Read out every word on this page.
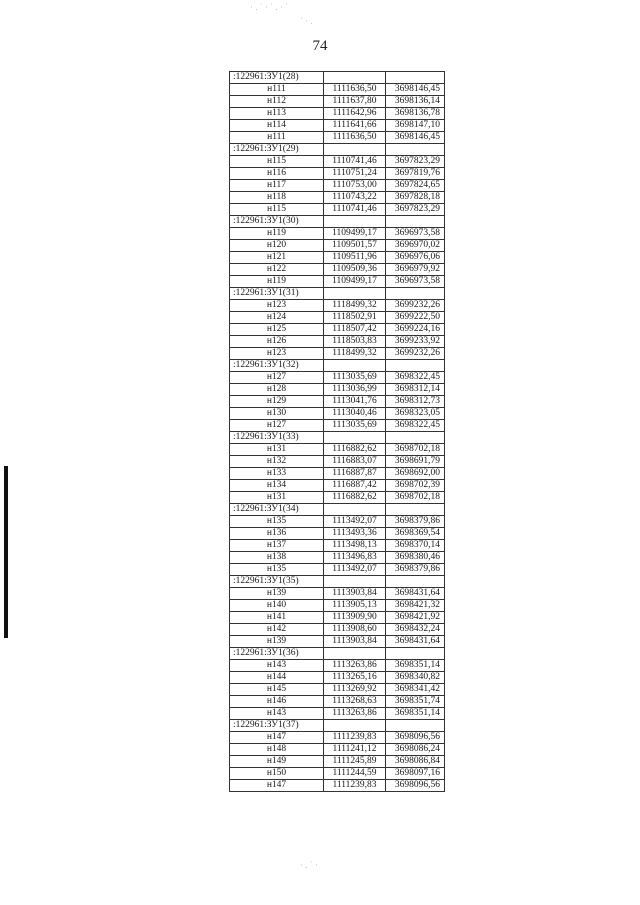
· . ˙ · ˙ . · ˙
˙ · .
· . ˙ ·
74
:122961:ЗУ1(28)		
н111	1111636,50	3698146,45
н112	1111637,80	3698136,14
н113	1111642,96	3698136,78
н114	1111641,66	3698147,10
н111	1111636,50	3698146,45
:122961:ЗУ1(29)		
н115	1110741,46	3697823,29
н116	1110751,24	3697819,76
н117	1110753,00	3697824,65
н118	1110743,22	3697828,18
н115	1110741,46	3697823,29
:122961:ЗУ1(30)		
н119	1109499,17	3696973,58
н120	1109501,57	3696970,02
н121	1109511,96	3696976,06
н122	1109509,36	3696979,92
н119	1109499,17	3696973,58
:122961:ЗУ1(31)		
н123	1118499,32	3699232,26
н124	1118502,91	3699222,50
н125	1118507,42	3699224,16
н126	1118503,83	3699233,92
н123	1118499,32	3699232,26
:122961:ЗУ1(32)		
н127	1113035,69	3698322,45
н128	1113036,99	3698312,14
н129	1113041,76	3698312,73
н130	1113040,46	3698323,05
н127	1113035,69	3698322,45
:122961:ЗУ1(33)		
н131	1116882,62	3698702,18
н132	1116883,07	3698691,79
н133	1116887,87	3698692,00
н134	1116887,42	3698702,39
н131	1116882,62	3698702,18
:122961:ЗУ1(34)		
н135	1113492,07	3698379,86
н136	1113493,36	3698369,54
н137	1113498,13	3698370,14
н138	1113496,83	3698380,46
н135	1113492,07	3698379,86
:122961:ЗУ1(35)		
н139	1113903,84	3698431,64
н140	1113905,13	3698421,32
н141	1113909,90	3698421,92
н142	1113908,60	3698432,24
н139	1113903,84	3698431,64
:122961:ЗУ1(36)		
н143	1113263,86	3698351,14
н144	1113265,16	3698340,82
н145	1113269,92	3698341,42
н146	1113268,63	3698351,74
н143	1113263,86	3698351,14
:122961:ЗУ1(37)		
н147	1111239,83	3698096,56
н148	1111241,12	3698086,24
н149	1111245,89	3698086,84
н150	1111244,59	3698097,16
н147	1111239,83	3698096,56
